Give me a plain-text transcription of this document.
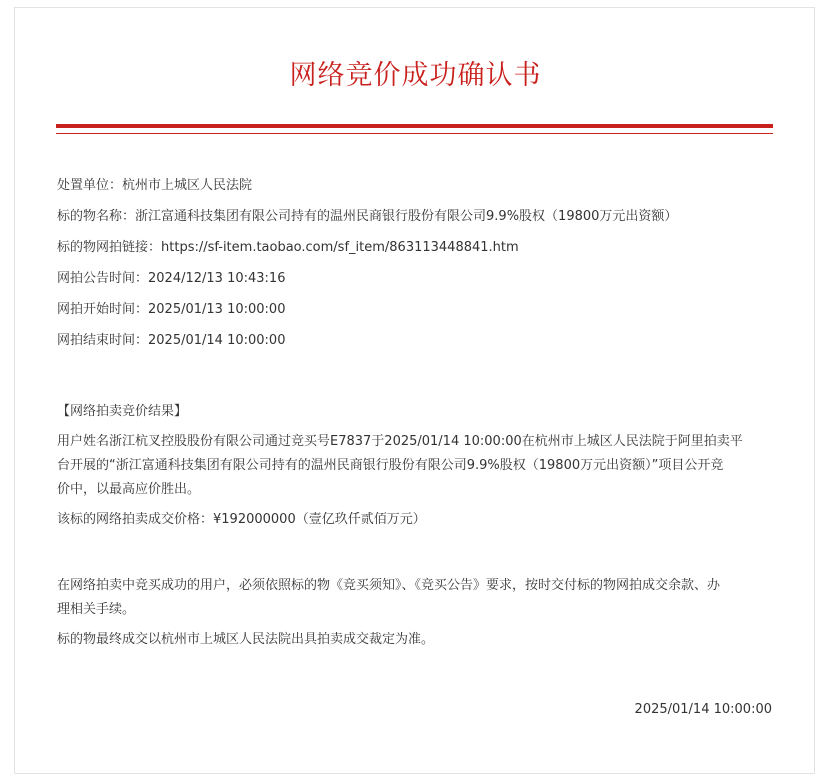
网络竞价成功确认书
处置单位：杭州市上城区人民法院
标的物名称：浙江富通科技集团有限公司持有的温州民商银行股份有限公司9.9%股权（19800万元出资额）
标的物网拍链接：https://sf-item.taobao.com/sf_item/863113448841.htm
网拍公告时间：2024/12/13 10:43:16
网拍开始时间：2025/01/13 10:00:00
网拍结束时间：2025/01/14 10:00:00
【网络拍卖竞价结果】
用户姓名浙江杭叉控股股份有限公司通过竞买号E7837于2025/01/14 10:00:00在杭州市上城区人民法院于阿里拍卖平
台开展的“浙江富通科技集团有限公司持有的温州民商银行股份有限公司9.9%股权（19800万元出资额）”项目公开竞
价中，以最高应价胜出。
该标的网络拍卖成交价格：¥192000000（壹亿玖仟贰佰万元）
在网络拍卖中竞买成功的用户，必须依照标的物《竞买须知》、《竞买公告》要求，按时交付标的物网拍成交余款、办
理相关手续。
标的物最终成交以杭州市上城区人民法院出具拍卖成交裁定为准。
2025/01/14 10:00:00
